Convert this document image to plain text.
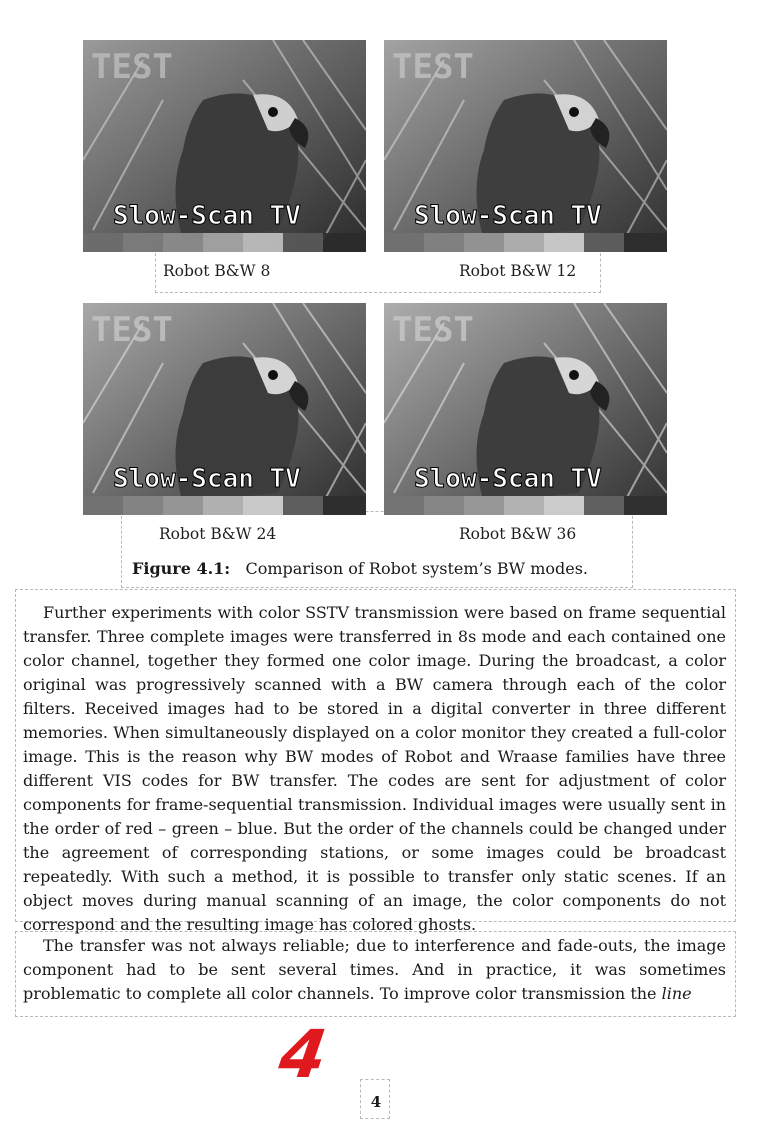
TEST
Slow-Scan TV
TEST
Slow-Scan TV
Robot B&W 8	Robot B&W 12
TEST
Slow-Scan TV
TEST
Slow-Scan TV
Robot B&W 24	Robot B&W 36
Figure 4.1: Comparison of Robot system’s BW modes.

Further experiments with color SSTV transmission were based on frame sequential transfer. Three complete images were transferred in 8s mode and each contained one color channel, together they formed one color image. During the broadcast, a color original was progressively scanned with a BW camera through each of the color filters. Received images had to be stored in a digital converter in three different memories. When simultaneously displayed on a color monitor they created a full-color image. This is the reason why BW modes of Robot and Wraase families have three different VIS codes for BW transfer. The codes are sent for adjustment of color components for frame-sequential transmission. Individual images were usually sent in the order of red – green – blue. But the order of the channels could be changed under the agreement of corresponding stations, or some images could be broadcast repeatedly. With such a method, it is possible to transfer only static scenes. If an object moves during manual scanning of an image, the color components do not correspond and the resulting image has colored ghosts.

The transfer was not always reliable; due to interference and fade-outs, the image component had to be sent several times. And in practice, it was sometimes problematic to complete all color channels. To improve color transmission the line

4
4
